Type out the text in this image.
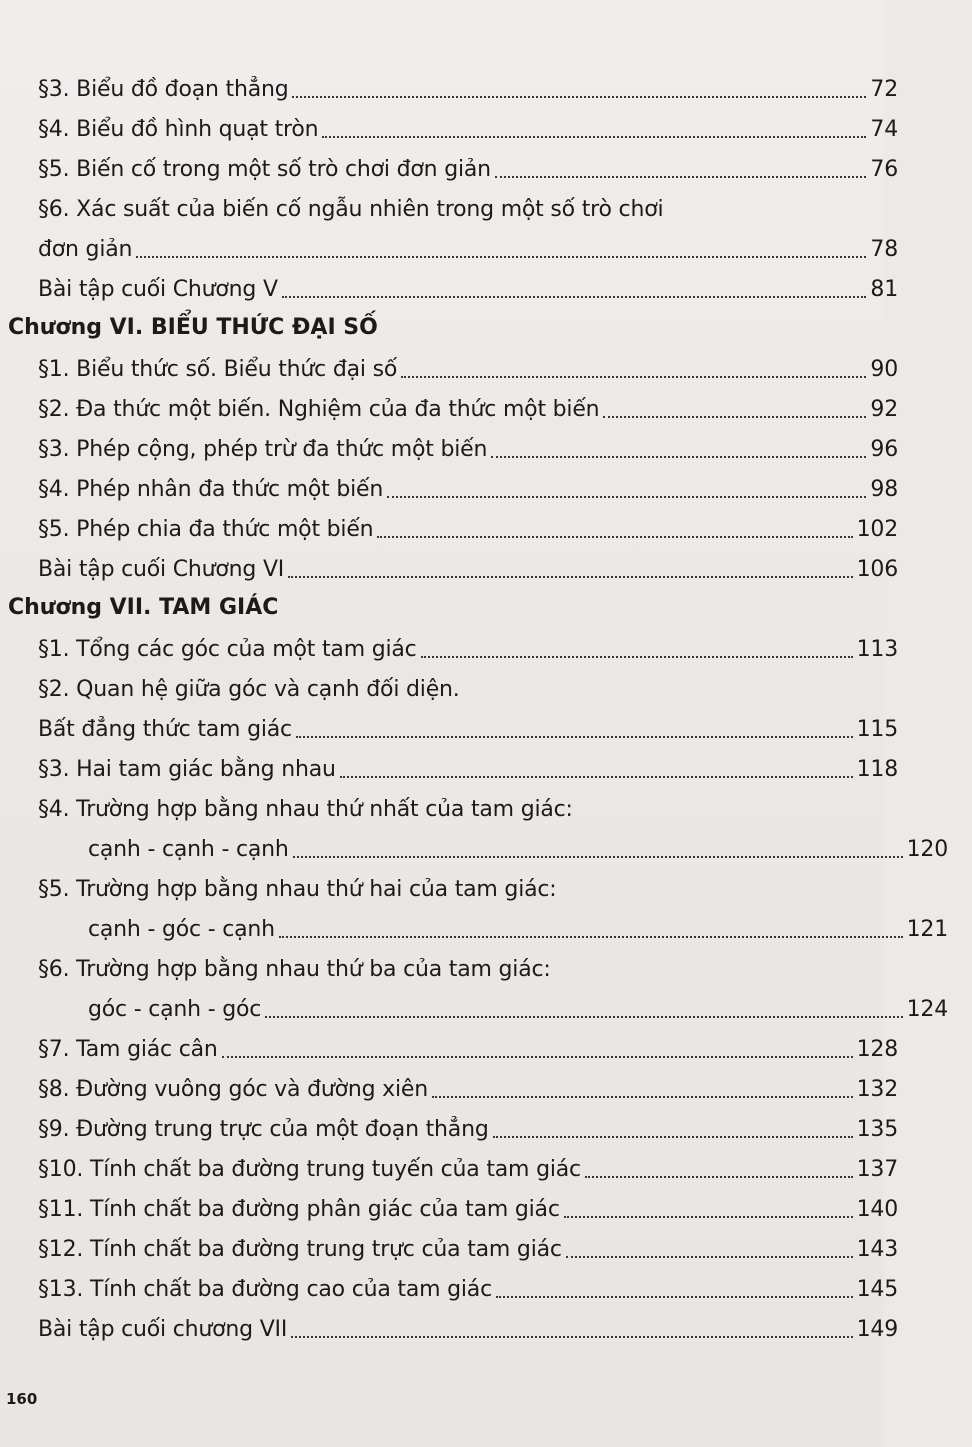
§3. Biểu đồ đoạn thẳng	72
§4. Biểu đồ hình quạt tròn	74
§5. Biến cố trong một số trò chơi đơn giản	76
§6. Xác suất của biến cố ngẫu nhiên trong một số trò chơi
đơn giản	78
Bài tập cuối Chương V	81
Chương VI. BIỂU THỨC ĐẠI SỐ
§1. Biểu thức số. Biểu thức đại số	90
§2. Đa thức một biến. Nghiệm của đa thức một biến	92
§3. Phép cộng, phép trừ đa thức một biến	96
§4. Phép nhân đa thức một biến	98
§5. Phép chia đa thức một biến	102
Bài tập cuối Chương VI	106
Chương VII. TAM GIÁC
§1. Tổng các góc của một tam giác	113
§2. Quan hệ giữa góc và cạnh đối diện.
Bất đẳng thức tam giác	115
§3. Hai tam giác bằng nhau	118
§4. Trường hợp bằng nhau thứ nhất của tam giác:
cạnh - cạnh - cạnh	120
§5. Trường hợp bằng nhau thứ hai của tam giác:
cạnh - góc - cạnh	121
§6. Trường hợp bằng nhau thứ ba của tam giác:
góc - cạnh - góc	124
§7. Tam giác cân	128
§8. Đường vuông góc và đường xiên	132
§9. Đường trung trực của một đoạn thẳng	135
§10. Tính chất ba đường trung tuyến của tam giác	137
§11. Tính chất ba đường phân giác của tam giác	140
§12. Tính chất ba đường trung trực của tam giác	143
§13. Tính chất ba đường cao của tam giác	145
Bài tập cuối chương VII	149
160
